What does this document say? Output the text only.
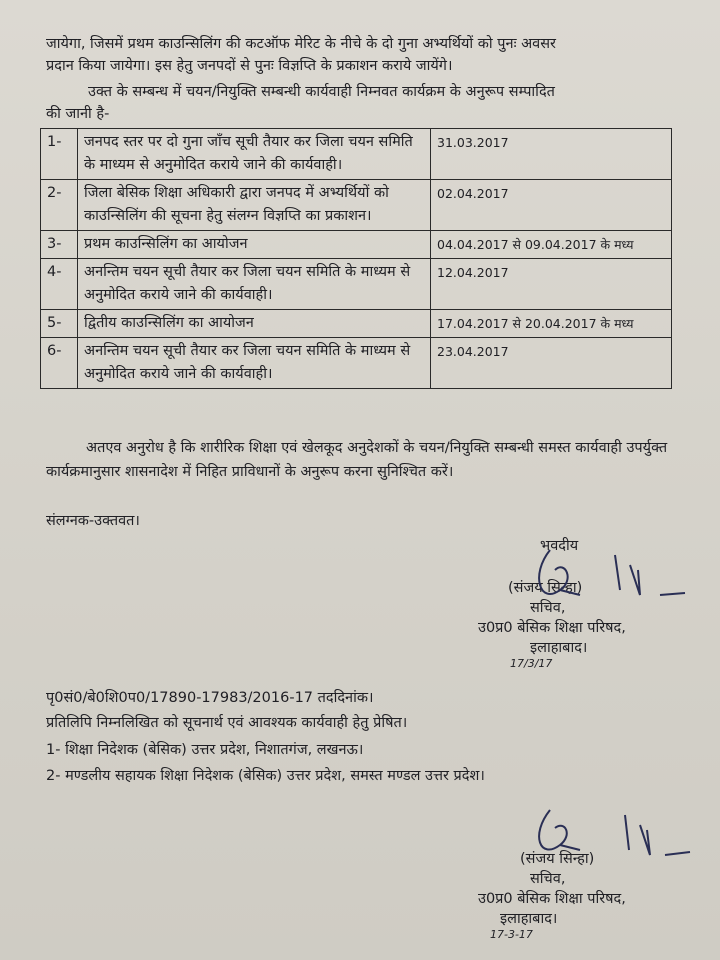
जायेगा, जिसमें प्रथम काउन्सिलिंग की कटऑफ मेरिट के नीचे के दो गुना अभ्यर्थियों को पुनः अवसर
प्रदान किया जायेगा। इस हेतु जनपदों से पुनः विज्ञप्ति के प्रकाशन कराये जायेंगे।
उक्त के सम्बन्ध में चयन/नियुक्ति सम्बन्धी कार्यवाही निम्नवत कार्यक्रम के अनुरूप सम्पादित
की जानी है-
1-	जनपद स्तर पर दो गुना जाँच सूची तैयार कर जिला चयन समिति के माध्यम से अनुमोदित कराये जाने की कार्यवाही।	31.03.2017
2-	जिला बेसिक शिक्षा अधिकारी द्वारा जनपद में अभ्यर्थियों को काउन्सिलिंग की सूचना हेतु संलग्न विज्ञप्ति का प्रकाशन।	02.04.2017
3-	प्रथम काउन्सिलिंग का आयोजन	04.04.2017 से 09.04.2017 के मध्य
4-	अनन्तिम चयन सूची तैयार कर जिला चयन समिति के माध्यम से अनुमोदित कराये जाने की कार्यवाही।	12.04.2017
5-	द्वितीय काउन्सिलिंग का आयोजन	17.04.2017 से 20.04.2017 के मध्य
6-	अनन्तिम चयन सूची तैयार कर जिला चयन समिति के माध्यम से अनुमोदित कराये जाने की कार्यवाही।	23.04.2017
अतएव अनुरोध है कि शारीरिक शिक्षा एवं खेलकूद अनुदेशकों के चयन/नियुक्ति सम्बन्धी समस्त कार्यवाही उपर्युक्त कार्यक्रमानुसार शासनादेश में निहित प्राविधानों के अनुरूप करना सुनिश्चित करें।
संलग्नक-उक्तवत।
भवदीय
(संजय सिन्हा)
सचिव,
उ0प्र0 बेसिक शिक्षा परिषद,
इलाहाबाद।
17/3/17
पृ0सं0/बे0शि0प0/17890-17983/2016-17 तददिनांक।
प्रतिलिपि निम्नलिखित को सूचनार्थ एवं आवश्यक कार्यवाही हेतु प्रेषित।
1- शिक्षा निदेशक (बेसिक) उत्तर प्रदेश, निशातगंज, लखनऊ।
2- मण्डलीय सहायक शिक्षा निदेशक (बेसिक) उत्तर प्रदेश, समस्त मण्डल उत्तर प्रदेश।
(संजय सिन्हा)
सचिव,
उ0प्र0 बेसिक शिक्षा परिषद,
इलाहाबाद।
17-3-17
